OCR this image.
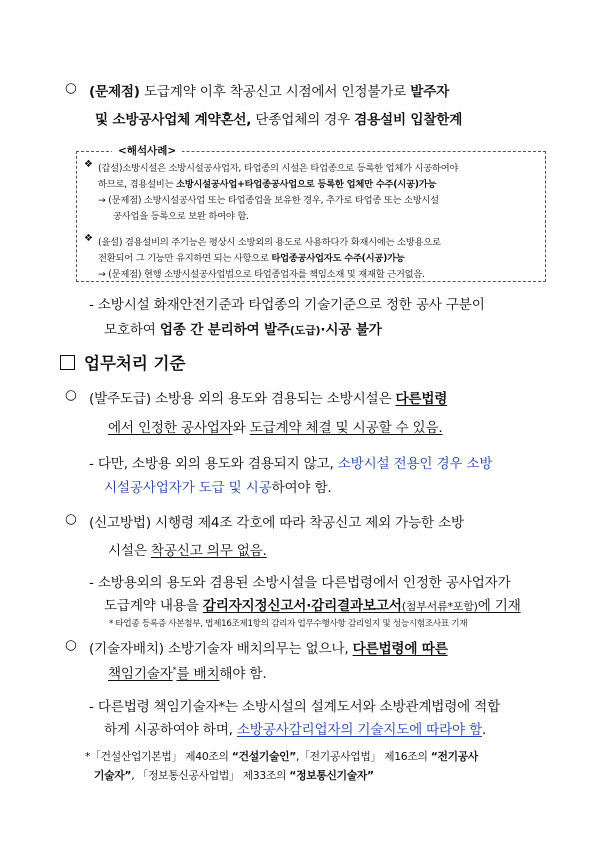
○ (문제점) 도급계약 이후 착공신고 시점에서 인정불가로 발주자
및 소방공사업체 계약혼선, 단종업체의 경우 겸용설비 입찰한계
<해석사례>
❖ (갑설)소방시설은 소방시설공사업자, 타업종의 시설은 타업종으로 등록한 업체가 시공하여야
하므로, 겸용설비는 소방시설공사업+타업종공사업으로 등록한 업체만 수주(시공)가능
→ (문제점) 소방시설공사업 또는 타업종업을 보유한 경우, 추가로 타업종 또는 소방시설
공사업을 등록으로 보완 하여야 함.
❖ (을설) 겸용설비의 주기능은 평상시 소방외의 용도로 사용하다가 화재시에는 소방용으로
전환되어 그 기능만 유지하면 되는 사항으로 타업종공사업자도 수주(시공)가능
→ (문제점) 현행 소방시설공사업법으로 타업종업자를 책임소재 및 재재할 근거없음.
- 소방시설 화재안전기준과 타업종의 기술기준으로 정한 공사 구분이
모호하여 업종 간 분리하여 발주(도급)·시공 불가
업무처리 기준
○ (발주도급) 소방용 외의 용도와 겸용되는 소방시설은 다른법령
에서 인정한 공사업자와 도급계약 체결 및 시공할 수 있음.
- 다만, 소방용 외의 용도와 겸용되지 않고, 소방시설 전용인 경우 소방
시설공사업자가 도급 및 시공하여야 함.
○ (신고방법) 시행령 제4조 각호에 따라 착공신고 제외 가능한 소방
시설은 착공신고 의무 없음.
- 소방용외의 용도와 겸용된 소방시설을 다른법령에서 인정한 공사업자가
도급계약 내용을 감리자지정신고서·감리결과보고서(첨부서류*포함)에 기재
* 타업종 등록증 사본첨부, 법제16조제1항의 감리자 업무수행사항 감리일지 및 성능시험조사표 기재
○ (기술자배치) 소방기술자 배치의무는 없으나, 다른법령에 따른
책임기술자*를 배치해야 함.
- 다른법령 책임기술자*는 소방시설의 설계도서와 소방관계법령에 적합
하게 시공하여야 하며, 소방공사감리업자의 기술지도에 따라야 함.
*「건설산업기본법」 제40조의 “건설기술인”,「전기공사업법」 제16조의 “전기공사
기술자”, 「정보통신공사업법」 제33조의 “정보통신기술자”
